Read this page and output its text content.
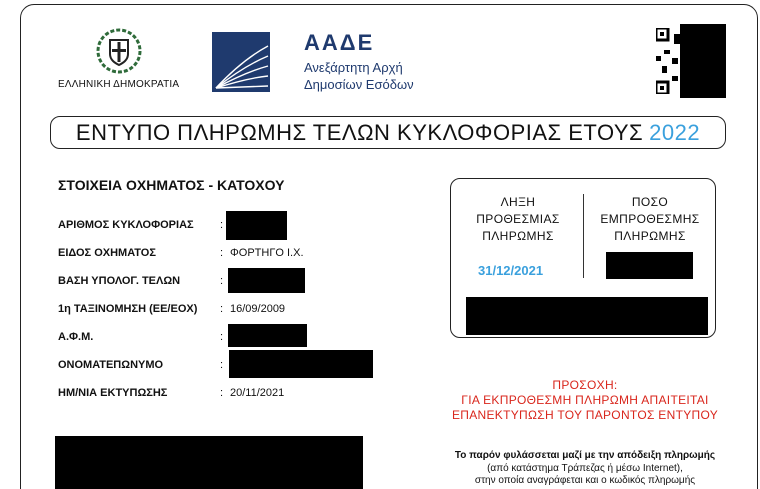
ΕΛΛΗΝΙΚΗ ΔΗΜΟΚΡΑΤΙΑ
ΑΑΔΕ
Ανεξάρτητη Αρχή
Δημοσίων Εσόδων
ΕΝΤΥΠΟ ΠΛΗΡΩΜΗΣ ΤΕΛΩΝ ΚΥΚΛΟΦΟΡΙΑΣ ΕΤΟΥΣ 2022
ΣΤΟΙΧΕΙΑ ΟΧΗΜΑΤΟΣ - ΚΑΤΟΧΟΥ
ΑΡΙΘΜΟΣ ΚΥΚΛΟΦΟΡΙΑΣ :
ΕΙΔΟΣ ΟΧΗΜΑΤΟΣ	: ΦΟΡΤΗΓΟ Ι.Χ.
ΒΑΣΗ ΥΠΟΛΟΓ. ΤΕΛΩΝ	:
1η ΤΑΞΙΝΟΜΗΣΗ (ΕΕ/ΕΟΧ) : 16/09/2009
Α.Φ.Μ.	:
ΟΝΟΜΑΤΕΠΩΝΥΜΟ	:
ΗΜ/ΝΙΑ ΕΚΤΥΠΩΣΗΣ	: 20/11/2021
ΛΗΞΗ
ΠΡΟΘΕΣΜΙΑΣ
ΠΛΗΡΩΜΗΣ
ΠΟΣΟ
ΕΜΠΡΟΘΕΣΜΗΣ
ΠΛΗΡΩΜΗΣ
31/12/2021
ΠΡΟΣΟΧΗ:
ΓΙΑ ΕΚΠΡΟΘΕΣΜΗ ΠΛΗΡΩΜΗ ΑΠΑΙΤΕΙΤΑΙ
ΕΠΑΝΕΚΤΥΠΩΣΗ ΤΟΥ ΠΑΡΟΝΤΟΣ ΕΝΤΥΠΟΥ
Το παρόν φυλάσσεται μαζί με την απόδειξη πληρωμής
(από κατάστημα Τράπεζας ή μέσω Internet),
στην οποία αναγράφεται και ο κωδικός πληρωμής
